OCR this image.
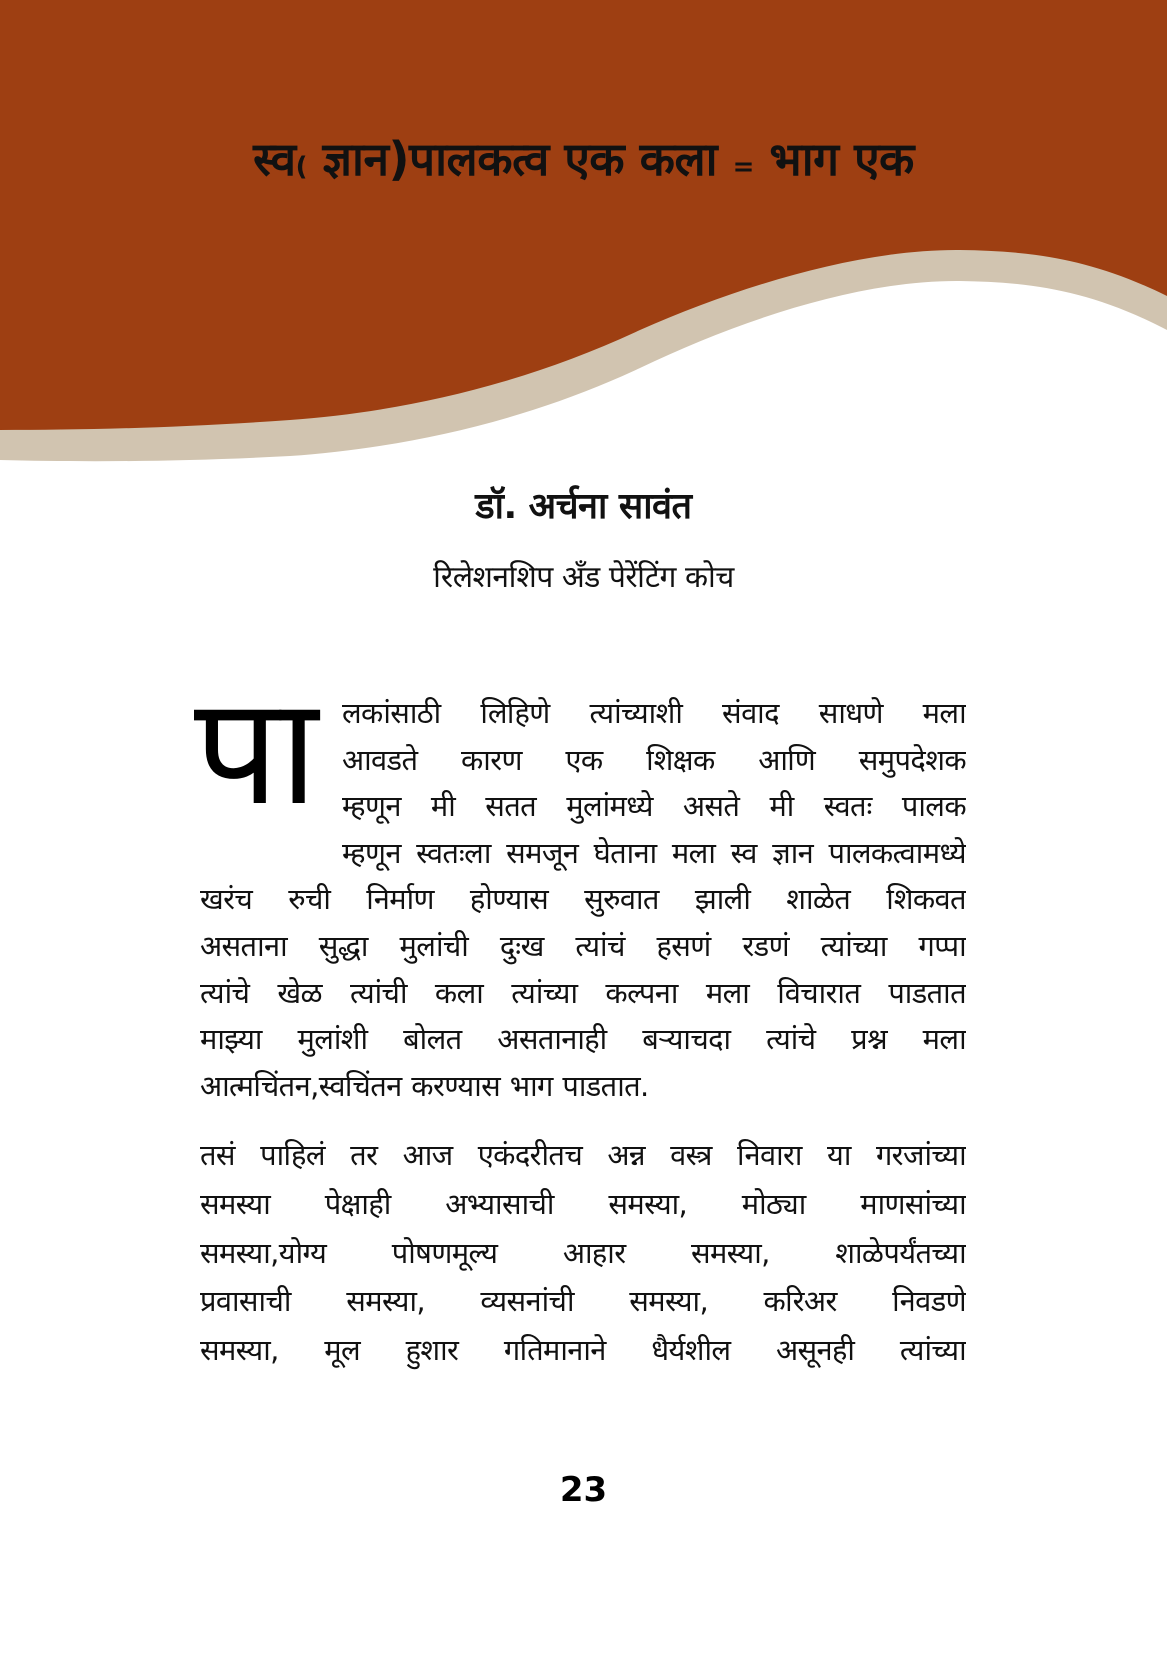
स्व( ज्ञान)पालकत्व एक कला = भाग एक
डॉ. अर्चना सावंत
रिलेशनशिप अँड पेरेंटिंग कोच
पा लकांसाठी लिहिणे त्यांच्याशी संवाद साधणे मला
आवडते कारण एक शिक्षक आणि समुपदेशक
म्हणून मी सतत मुलांमध्ये असते मी स्वतः पालक
म्हणून स्वतःला समजून घेताना मला स्व ज्ञान पालकत्वामध्ये
खरंच रुची निर्माण होण्यास सुरुवात झाली शाळेत शिकवत
असताना सुद्धा मुलांची दुःख त्यांचं हसणं रडणं त्यांच्या गप्पा
त्यांचे खेळ त्यांची कला त्यांच्या कल्पना मला विचारात पाडतात
माझ्या मुलांशी बोलत असतानाही बऱ्याचदा त्यांचे प्रश्न मला
आत्मचिंतन,स्वचिंतन करण्यास भाग पाडतात.
तसं पाहिलं तर आज एकंदरीतच अन्न वस्त्र निवारा या गरजांच्या
समस्या पेक्षाही अभ्यासाची समस्या, मोठ्या माणसांच्या
समस्या,योग्य पोषणमूल्य आहार समस्या, शाळेपर्यंतच्या
प्रवासाची समस्या, व्यसनांची समस्या, करिअर निवडणे
समस्या, मूल हुशार गतिमानाने धैर्यशील असूनही त्यांच्या
23
